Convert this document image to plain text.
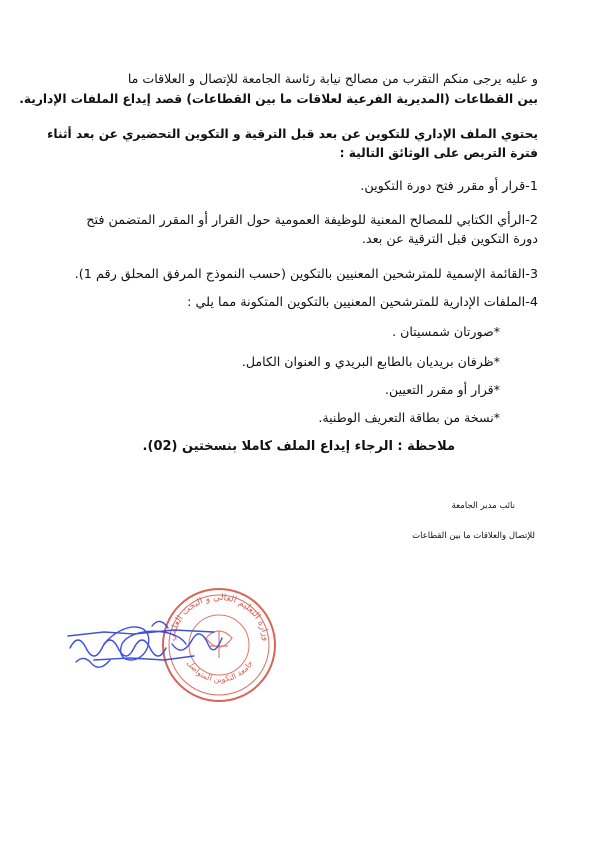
و عليه يرجى منكم التقرب من مصالح نيابة رئاسة الجامعة للإتصال و العلاقات ما
بين القطاعات (المديرية الفرعية لعلاقات ما بين القطاعات) قصد إيداع الملفات الإدارية.
يحتوي الملف الإداري للتكوين عن بعد قبل الترقية و التكوين التحضيري عن بعد أثناء
فترة التربص على الوثائق التالية :
1-قرار أو مقرر فتح دورة التكوين.
2-الرأي الكتابي للمصالح المعنية للوظيفة العمومية حول القرار أو المقرر المتضمن فتح
دورة التكوين قبل الترقية عن بعد.
3-القائمة الإسمية للمترشحين المعنيين بالتكوين (حسب النموذج المرفق المحلق رقم 1).
4-الملفات الإدارية للمترشحين المعنيين بالتكوين المتكونة مما يلي :
*صورتان شمسيتان .
*ظرفان بريديان بالطابع البريدي و العنوان الكامل.
*قرار أو مقرر التعيين.
*نسخة من بطاقة التعريف الوطنية.
ملاحظة : الرجاء إيداع الملف كاملا بنسختين (02).
نائب مدير الجامعة
للإتصال والعلاقات ما بين القطاعات
وزارة التعليم العالي و البحث العلمي
جامعة التكوين المتواصل
